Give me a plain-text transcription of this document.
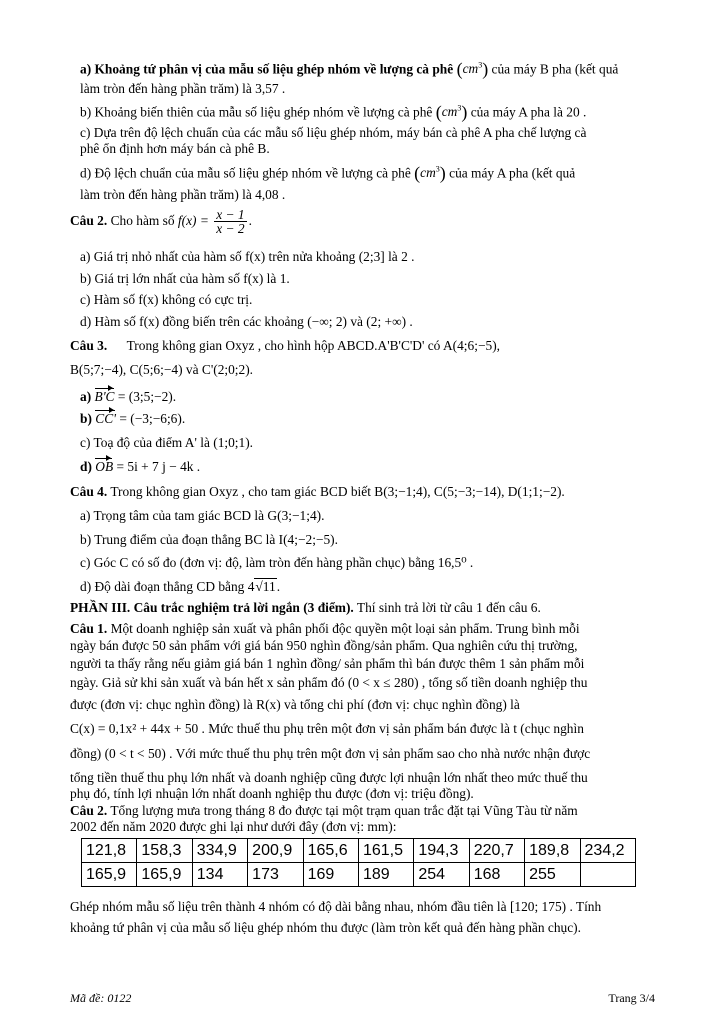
a) Khoảng tứ phân vị của mẫu số liệu ghép nhóm về lượng cà phê $(cm^3)$ của máy B pha (kết quả
làm tròn đến hàng phần trăm) là 3,57 .
b) Khoảng biến thiên của mẫu số liệu ghép nhóm về lượng cà phê $(cm^3)$ của máy A pha là 20 .
c) Dựa trên độ lệch chuẩn của các mẫu số liệu ghép nhóm, máy bán cà phê A pha chế lượng cà
phê ổn định hơn máy bán cà phê B.
d) Độ lệch chuẩn của mẫu số liệu ghép nhóm về lượng cà phê $(cm^3)$ của máy A pha (kết quả
làm tròn đến hàng phần trăm) là 4,08 .
Câu 2. Cho hàm số $f(x) = \frac{x - 1}{x - 2}$ .
a) Giá trị nhỏ nhất của hàm số f(x) trên nửa khoảng (2;3] là 2 .
b) Giá trị lớn nhất của hàm số f(x) là 1.
c) Hàm số f(x) không có cực trị.
d) Hàm số f(x) đồng biến trên các khoảng (−∞; 2) và (2; +∞) .
Câu 3. Trong không gian Oxyz , cho hình hộp ABCD.A'B'C'D' có A(4;6;−5),
B(5;7;−4), C(5;6;−4) và C'(2;0;2).
a) B'C = (3;5;−2).
b) CC' = (−3;−6;6).
c) Toạ độ của điểm A' là (1;0;1).
d) OB = 5i + 7 j − 4k .
Câu 4. Trong không gian Oxyz , cho tam giác BCD biết B(3;−1;4), C(5;−3;−14), D(1;1;−2).
a) Trọng tâm của tam giác BCD là G(3;−1;4).
b) Trung điểm của đoạn thẳng BC là I(4;−2;−5).
c) Góc C có số đo (đơn vị: độ, làm tròn đến hàng phần chục) bằng 16,5⁰ .
d) Độ dài đoạn thẳng CD bằng 4√11.
PHẦN III. Câu trắc nghiệm trả lời ngắn (3 điểm). Thí sinh trả lời từ câu 1 đến câu 6.
Câu 1. Một doanh nghiệp sản xuất và phân phối độc quyền một loại sản phẩm. Trung bình mỗi
ngày bán được 50 sản phẩm với giá bán 950 nghìn đồng/sản phẩm. Qua nghiên cứu thị trường,
người ta thấy rằng nếu giảm giá bán 1 nghìn đồng/ sản phẩm thì bán được thêm 1 sản phẩm mỗi
ngày. Giả sử khi sản xuất và bán hết x sản phẩm đó (0 < x ≤ 280) , tổng số tiền doanh nghiệp thu
được (đơn vị: chục nghìn đồng) là R(x) và tổng chi phí (đơn vị: chục nghìn đồng) là
C(x) = 0,1x² + 44x + 50 . Mức thuế thu phụ trên một đơn vị sản phẩm bán được là t (chục nghìn
đồng) (0 < t < 50) . Với mức thuế thu phụ trên một đơn vị sản phẩm sao cho nhà nước nhận được
tổng tiền thuế thu phụ lớn nhất và doanh nghiệp cũng được lợi nhuận lớn nhất theo mức thuế thu
phụ đó, tính lợi nhuận lớn nhất doanh nghiệp thu được (đơn vị: triệu đồng).
Câu 2. Tổng lượng mưa trong tháng 8 đo được tại một trạm quan trắc đặt tại Vũng Tàu từ năm
2002 đến năm 2020 được ghi lại như dưới đây (đơn vị: mm):
121,8	158,3	334,9	200,9	165,6	161,5	194,3	220,7	189,8	234,2
165,9	165,9	134	173	169	189	254	168	255	
Ghép nhóm mẫu số liệu trên thành 4 nhóm có độ dài bằng nhau, nhóm đầu tiên là [120; 175) . Tính
khoảng tứ phân vị của mẫu số liệu ghép nhóm thu được (làm tròn kết quả đến hàng phần chục).
Mã đề: 0122	Trang 3/4
